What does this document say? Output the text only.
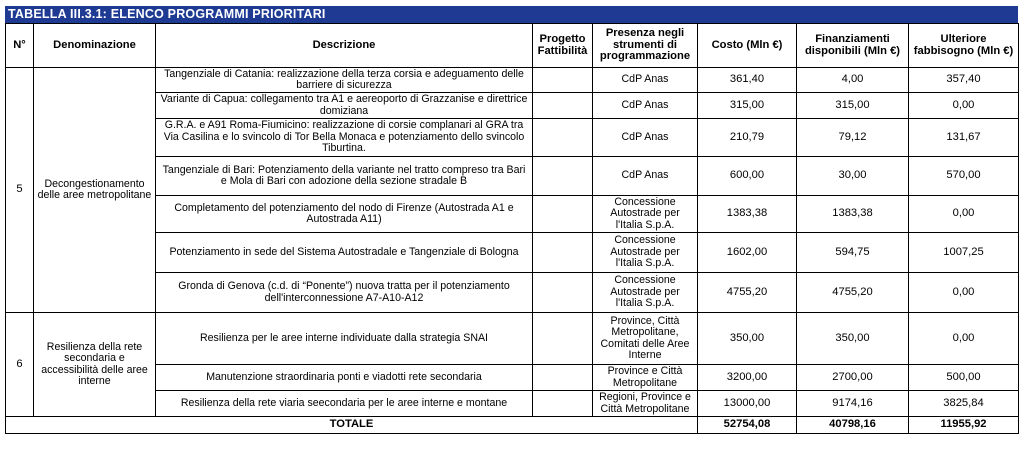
TABELLA III.3.1: ELENCO PROGRAMMI PRIORITARI
N°	Denominazione	Descrizione	Progetto Fattibilità	Presenza negli strumenti di programmazione	Costo (Mln €)	Finanziamenti disponibili (Mln €)	Ulteriore fabbisogno (Mln €)
5	Decongestionamento delle aree metropolitane	Tangenziale di Catania: realizzazione della terza corsia e adeguamento delle barriere di sicurezza		CdP Anas	361,40	4,00	357,40
		Variante di Capua: collegamento tra A1 e aereoporto di Grazzanise e direttrice domiziana		CdP Anas	315,00	315,00	0,00
		G.R.A. e A91 Roma-Fiumicino: realizzazione di corsie complanari al GRA tra Via Casilina e lo svincolo di Tor Bella Monaca e potenziamento dello svincolo Tiburtina.		CdP Anas	210,79	79,12	131,67
		Tangenziale di Bari: Potenziamento della variante nel tratto compreso tra Bari e Mola di Bari con adozione della sezione stradale B		CdP Anas	600,00	30,00	570,00
		Completamento del potenziamento del nodo di Firenze (Autostrada A1 e Autostrada A11)		Concessione Autostrade per l'Italia S.p.A.	1383,38	1383,38	0,00
		Potenziamento in sede del Sistema Autostradale e Tangenziale di Bologna		Concessione Autostrade per l'Italia S.p.A.	1602,00	594,75	1007,25
		Gronda di Genova (c.d. di “Ponente”) nuova tratta per il potenziamento dell'interconnessione A7-A10-A12		Concessione Autostrade per l'Italia S.p.A.	4755,20	4755,20	0,00
6	Resilienza della rete secondaria e accessibilità delle aree interne	Resilienza per le aree interne individuate dalla strategia SNAI		Province, Città Metropolitane, Comitati delle Aree Interne	350,00	350,00	0,00
		Manutenzione straordinaria ponti e viadotti rete secondaria		Province e Città Metropolitane	3200,00	2700,00	500,00
		Resilienza della rete viaria seecondaria per le aree interne e montane		Regioni, Province e Città Metropolitane	13000,00	9174,16	3825,84
TOTALE					52754,08	40798,16	11955,92
